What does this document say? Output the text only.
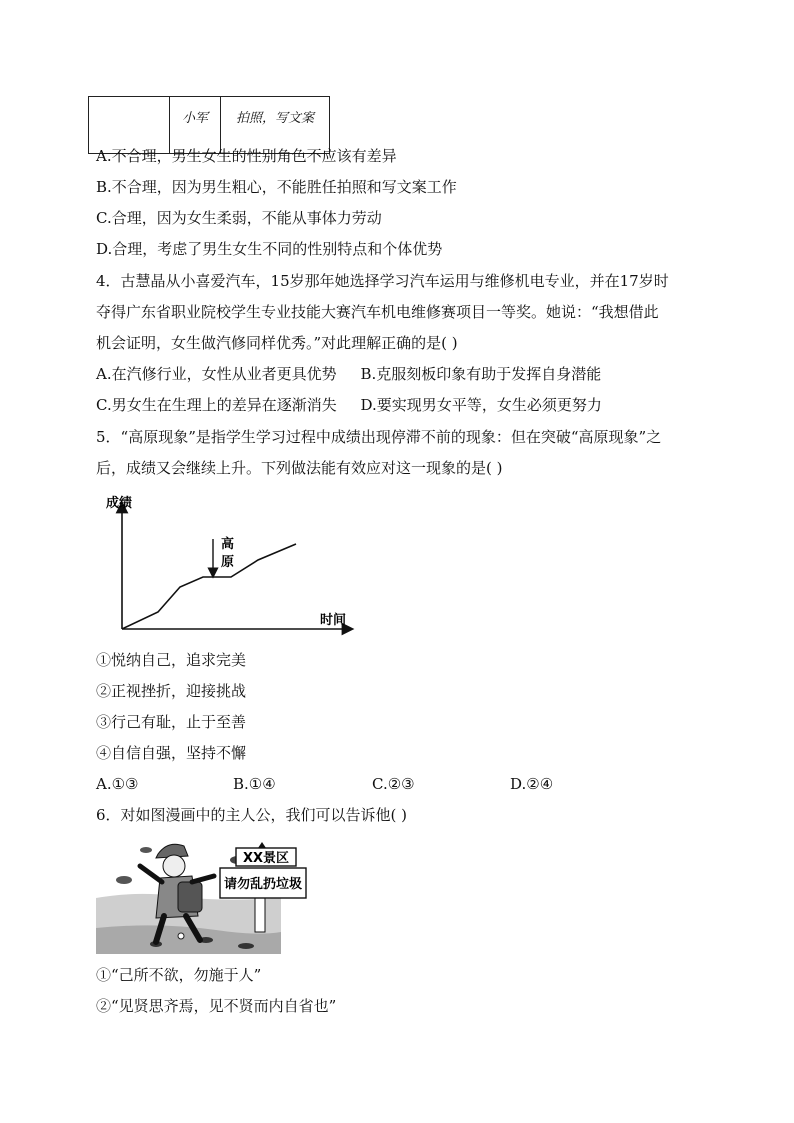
	小军	拍照，写文案
A.不合理，男生女生的性别角色不应该有差异
B.不合理，因为男生粗心，不能胜任拍照和写文案工作
C.合理，因为女生柔弱，不能从事体力劳动
D.合理，考虑了男生女生不同的性别特点和个体优势
4．古慧晶从小喜爱汽车，15岁那年她选择学习汽车运用与维修机电专业，并在17岁时
夺得广东省职业院校学生专业技能大赛汽车机电维修赛项目一等奖。她说：“我想借此
机会证明，女生做汽修同样优秀。”对此理解正确的是( )
A.在汽修行业，女性从业者更具优势     B.克服刻板印象有助于发挥自身潜能
C.男女生在生理上的差异在逐渐消失     D.要实现男女平等，女生必须更努力
5．“高原现象”是指学生学习过程中成绩出现停滞不前的现象：但在突破“高原现象”之
后，成绩又会继续上升。下列做法能有效应对这一现象的是( )
成绩
时间
高 原
①悦纳自己，追求完美
②正视挫折，迎接挑战
③行己有耻，止于至善
④自信自强，坚持不懈
A.①③	B.①④	C.②③	D.②④
6．对如图漫画中的主人公，我们可以告诉他( )
XX景区
请勿乱扔垃圾
①“己所不欲，勿施于人”
②“见贤思齐焉，见不贤而内自省也”
